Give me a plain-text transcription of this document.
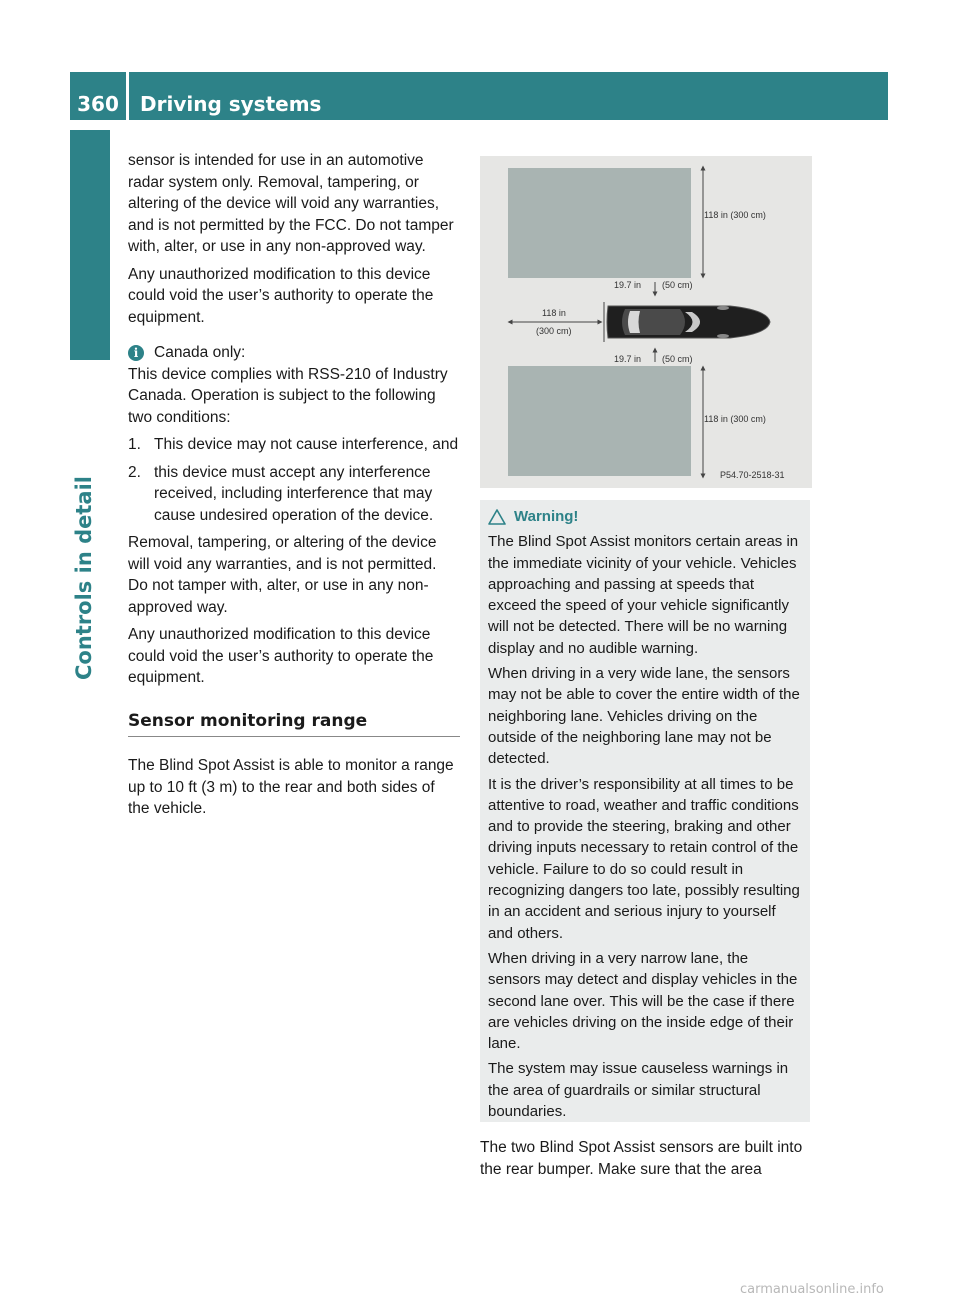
360	Driving systems
Controls in detail

sensor is intended for use in an automotive radar system only. Removal, tampering, or altering of the device will void any warranties, and is not permitted by the FCC. Do not tamper with, alter, or use in any non-approved way.

Any unauthorized modification to this device could void the user’s authority to operate the equipment.

i	Canada only:

This device complies with RSS-210 of Industry Canada. Operation is subject to the following two conditions:

1. This device may not cause interference, and
2. this device must accept any interference received, including interference that may cause undesired operation of the device.

Removal, tampering, or altering of the device will void any warranties, and is not permitted. Do not tamper with, alter, or use in any non-approved way.

Any unauthorized modification to this device could void the user’s authority to operate the equipment.

Sensor monitoring range

The Blind Spot Assist is able to monitor a range up to 10 ft (3 m) to the rear and both sides of the vehicle.

118 in (300 cm)
19.7 in (50 cm)
118 in
(300 cm)
19.7 in (50 cm)
118 in (300 cm)
P54.70-2518-31
Warning!

The Blind Spot Assist monitors certain areas in the immediate vicinity of your vehicle. Vehicles approaching and passing at speeds that exceed the speed of your vehicle significantly will not be detected. There will be no warning display and no audible warning.

When driving in a very wide lane, the sensors may not be able to cover the entire width of the neighboring lane. Vehicles driving on the outside of the neighboring lane may not be detected.

It is the driver’s responsibility at all times to be attentive to road, weather and traffic conditions and to provide the steering, braking and other driving inputs necessary to retain control of the vehicle. Failure to do so could result in recognizing dangers too late, possibly resulting in an accident and serious injury to yourself and others.

When driving in a very narrow lane, the sensors may detect and display vehicles in the second lane over. This will be the case if there are vehicles driving on the inside edge of their lane.

The system may issue causeless warnings in the area of guardrails or similar structural boundaries.

The two Blind Spot Assist sensors are built into the rear bumper. Make sure that the area

carmanualsonline.info
